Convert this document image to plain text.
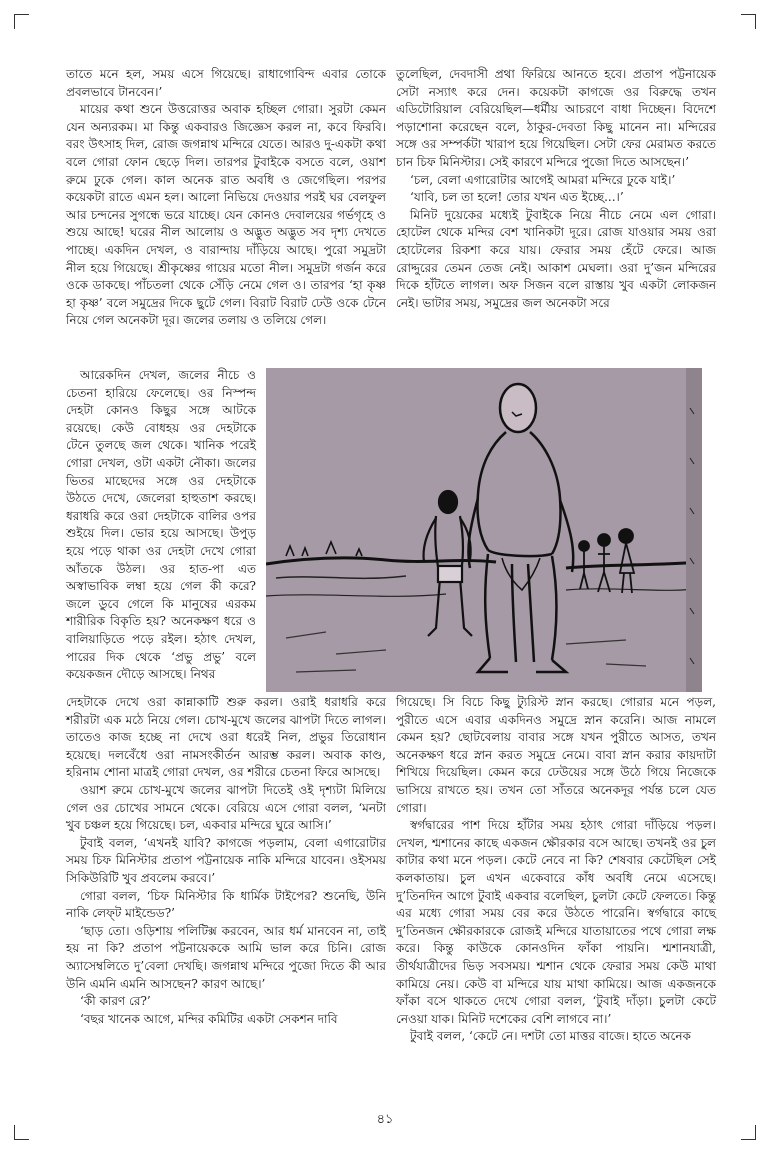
তাতে মনে হল, সময় এসে গিয়েছে। রাধাগোবিন্দ এবার তোকে প্রবলভাবে টানবেন।’

মায়ের কথা শুনে উত্তরোত্তর অবাক হচ্ছিল গোরা। সুরটা কেমন যেন অন্যরকম। মা কিন্তু একবারও জিজ্ঞেস করল না, কবে ফিরবি। বরং উৎসাহ দিল, রোজ জগন্নাথ মন্দিরে যেতে। আরও দু-একটা কথা বলে গোরা ফোন ছেড়ে দিল। তারপর টুবাইকে বসতে বলে, ওয়াশ রুমে ঢুকে গেল। কাল অনেক রাত অবধি ও জেগেছিল। পরপর কয়েকটা রাতে এমন হল। আলো নিভিয়ে দেওয়ার পরই ঘর বেলফুল আর চন্দনের সুগন্ধে ভরে যাচ্ছে। যেন কোনও দেবালয়ের গর্ভগৃহে ও শুয়ে আছে! ঘরের নীল আলোয় ও অদ্ভুত অদ্ভুত সব দৃশ্য দেখতে পাচ্ছে। একদিন দেখল, ও বারান্দায় দাঁড়িয়ে আছে। পুরো সমুদ্রটা নীল হয়ে গিয়েছে। শ্রীকৃষ্ণের গায়ের মতো নীল। সমুদ্রটা গর্জন করে ওকে ডাকছে। পাঁচতলা থেকে সেঁড়ি নেমে গেল ও। তারপর ‘হা কৃষ্ণ হা কৃষ্ণ’ বলে সমুদ্রের দিকে ছুটে গেল। বিরাট বিরাট ঢেউ ওকে টেনে নিয়ে গেল অনেকটা দূর। জলের তলায় ও তলিয়ে গেল।

আরেকদিন দেখল, জলের নীচে ও চেতনা হারিয়ে ফেলেছে। ওর নিস্পন্দ দেহটা কোনও কিছুর সঙ্গে আটকে রয়েছে। কেউ বোধহয় ওর দেহটাকে টেনে তুলছে জল থেকে। খানিক পরেই গোরা দেখল, ওটা একটা নৌকা। জলের ভিতর মাছেদের সঙ্গে ওর দেহটাকে উঠতে দেখে, জেলেরা হাহুতাশ করছে। ধরাধরি করে ওরা দেহটাকে বালির ওপর শুইয়ে দিল। ভোর হয়ে আসছে। উপুড় হয়ে পড়ে থাকা ওর দেহটা দেখে গোরা আঁতকে উঠল। ওর হাত-পা এত অস্বাভাবিক লম্বা হয়ে গেল কী করে? জলে ডুবে গেলে কি মানুষের এরকম শারীরিক বিকৃতি হয়? অনেকক্ষণ ধরে ও বালিয়াড়িতে পড়ে রইল। হঠাৎ দেখল, পারের দিক থেকে ‘প্রভু প্রভু’ বলে কয়েকজন দৌড়ে আসছে। নিথর

দেহটাকে দেখে ওরা কান্নাকাটি শুরু করল। ওরাই ধরাধরি করে শরীরটা এক মঠে নিয়ে গেল। চোখ-মুখে জলের ঝাপটা দিতে লাগল। তাতেও কাজ হচ্ছে না দেখে ওরা ধরেই নিল, প্রভুর তিরোধান হয়েছে। দলবেঁধে ওরা নামসংকীর্তন আরম্ভ করল। অবাক কাণ্ড, হরিনাম শোনা মাত্রই গোরা দেখল, ওর শরীরে চেতনা ফিরে আসছে।

ওয়াশ রুমে চোখ-মুখে জলের ঝাপটা দিতেই ওই দৃশ্যটা মিলিয়ে গেল ওর চোখের সামনে থেকে। বেরিয়ে এসে গোরা বলল, ‘মনটা খুব চঞ্চল হয়ে গিয়েছে। চল, একবার মন্দিরে ঘুরে আসি।’

টুবাই বলল, ‘এখনই যাবি? কাগজে পড়লাম, বেলা এগারোটার সময় চিফ মিনিস্টার প্রতাপ পট্টনায়েক নাকি মন্দিরে যাবেন। ওইসময় সিকিউরিটি খুব প্রবলেম করবে।’

গোরা বলল, ‘চিফ মিনিস্টার কি ধার্মিক টাইপের? শুনেছি, উনি নাকি লেফ্‌ট মাইন্ডেড?’

‘ছাড় তো। ওড়িশায় পলিটিক্স করবেন, আর ধর্ম মানবেন না, তাই হয় না কি? প্রতাপ পট্টনায়েককে আমি ভাল করে চিনি। রোজ অ্যাসেম্বলিতে দু’বেলা দেখছি। জগন্নাথ মন্দিরে পুজো দিতে কী আর উনি এমনি এমনি আসছেন? কারণ আছে।’

‘কী কারণ রে?’

‘বছর খানেক আগে, মন্দির কমিটির একটা সেকশন দাবি

তুলেছিল, দেবদাসী প্রথা ফিরিয়ে আনতে হবে। প্রতাপ পট্টনায়েক সেটা নস্যাৎ করে দেন। কয়েকটা কাগজে ওর বিরুদ্ধে তখন এডিটোরিয়াল বেরিয়েছিল—ধর্মীয় আচরণে বাধা দিচ্ছেন। বিদেশে পড়াশোনা করেছেন বলে, ঠাকুর-দেবতা কিছু মানেন না। মন্দিরের সঙ্গে ওর সম্পর্কটা খারাপ হয়ে গিয়েছিল। সেটা ফের মেরামত করতে চান চিফ মিনিস্টার। সেই কারণে মন্দিরে পুজো দিতে আসছেন।’

‘চল, বেলা এগারোটার আগেই আমরা মন্দিরে ঢুকে যাই।’

‘যাবি, চল তা হলে! তোর যখন এত ইচ্ছে...।’

মিনিট দুয়েকের মধ্যেই টুবাইকে নিয়ে নীচে নেমে এল গোরা। হোটেল থেকে মন্দির বেশ খানিকটা দূরে। রোজ যাওয়ার সময় ওরা হোটেলের রিকশা করে যায়। ফেরার সময় হেঁটে ফেরে। আজ রোদ্দুরের তেমন তেজ নেই। আকাশ মেঘলা। ওরা দু’জন মন্দিরের দিকে হাঁটতে লাগল। অফ সিজন বলে রাস্তায় খুব একটা লোকজন নেই। ভাটার সময়, সমুদ্রের জল অনেকটা সরে

গিয়েছে। সি বিচে কিছু ট্যুরিস্ট স্নান করছে। গোরার মনে পড়ল, পুরীতে এসে এবার একদিনও সমুদ্রে স্নান করেনি। আজ নামলে কেমন হয়? ছোটবেলায় বাবার সঙ্গে যখন পুরীতে আসত, তখন অনেকক্ষণ ধরে স্নান করত সমুদ্রে নেমে। বাবা স্নান করার কায়দাটা শিখিয়ে দিয়েছিল। কেমন করে ঢেউয়ের সঙ্গে উঠে গিয়ে নিজেকে ভাসিয়ে রাখতে হয়। তখন তো সাঁতরে অনেকদূর পর্যন্ত চলে যেত গোরা।

স্বর্গদ্বারের পাশ দিয়ে হাঁটার সময় হঠাৎ গোরা দাঁড়িয়ে পড়ল। দেখল, শ্মশানের কাছে একজন ক্ষৌরকার বসে আছে। তখনই ওর চুল কাটার কথা মনে পড়ল। কেটে নেবে না কি? শেষবার কেটেছিল সেই কলকাতায়। চুল এখন একেবারে কাঁধ অবধি নেমে এসেছে। দু’তিনদিন আগে টুবাই একবার বলেছিল, চুলটা কেটে ফেলতে। কিন্তু এর মধ্যে গোরা সময় বের করে উঠতে পারেনি। স্বর্গদ্বারে কাছে দু’তিনজন ক্ষৌরকারকে রোজই মন্দিরে যাতায়াতের পথে গোরা লক্ষ করে। কিন্তু কাউকে কোনওদিন ফাঁকা পায়নি। শ্মশানযাত্রী, তীর্থযাত্রীদের ভিড় সবসময়। শ্মশান থেকে ফেরার সময় কেউ মাথা কামিয়ে নেয়। কেউ বা মন্দিরে যায় মাথা কামিয়ে। আজ একজনকে ফাঁকা বসে থাকতে দেখে গোরা বলল, ‘টুবাই দাঁড়া। চুলটা কেটে নেওয়া যাক। মিনিট দশেকের বেশি লাগবে না।’

টুবাই বলল, ‘কেটে নে। দশটা তো মাত্তর বাজে। হাতে অনেক

৪১
